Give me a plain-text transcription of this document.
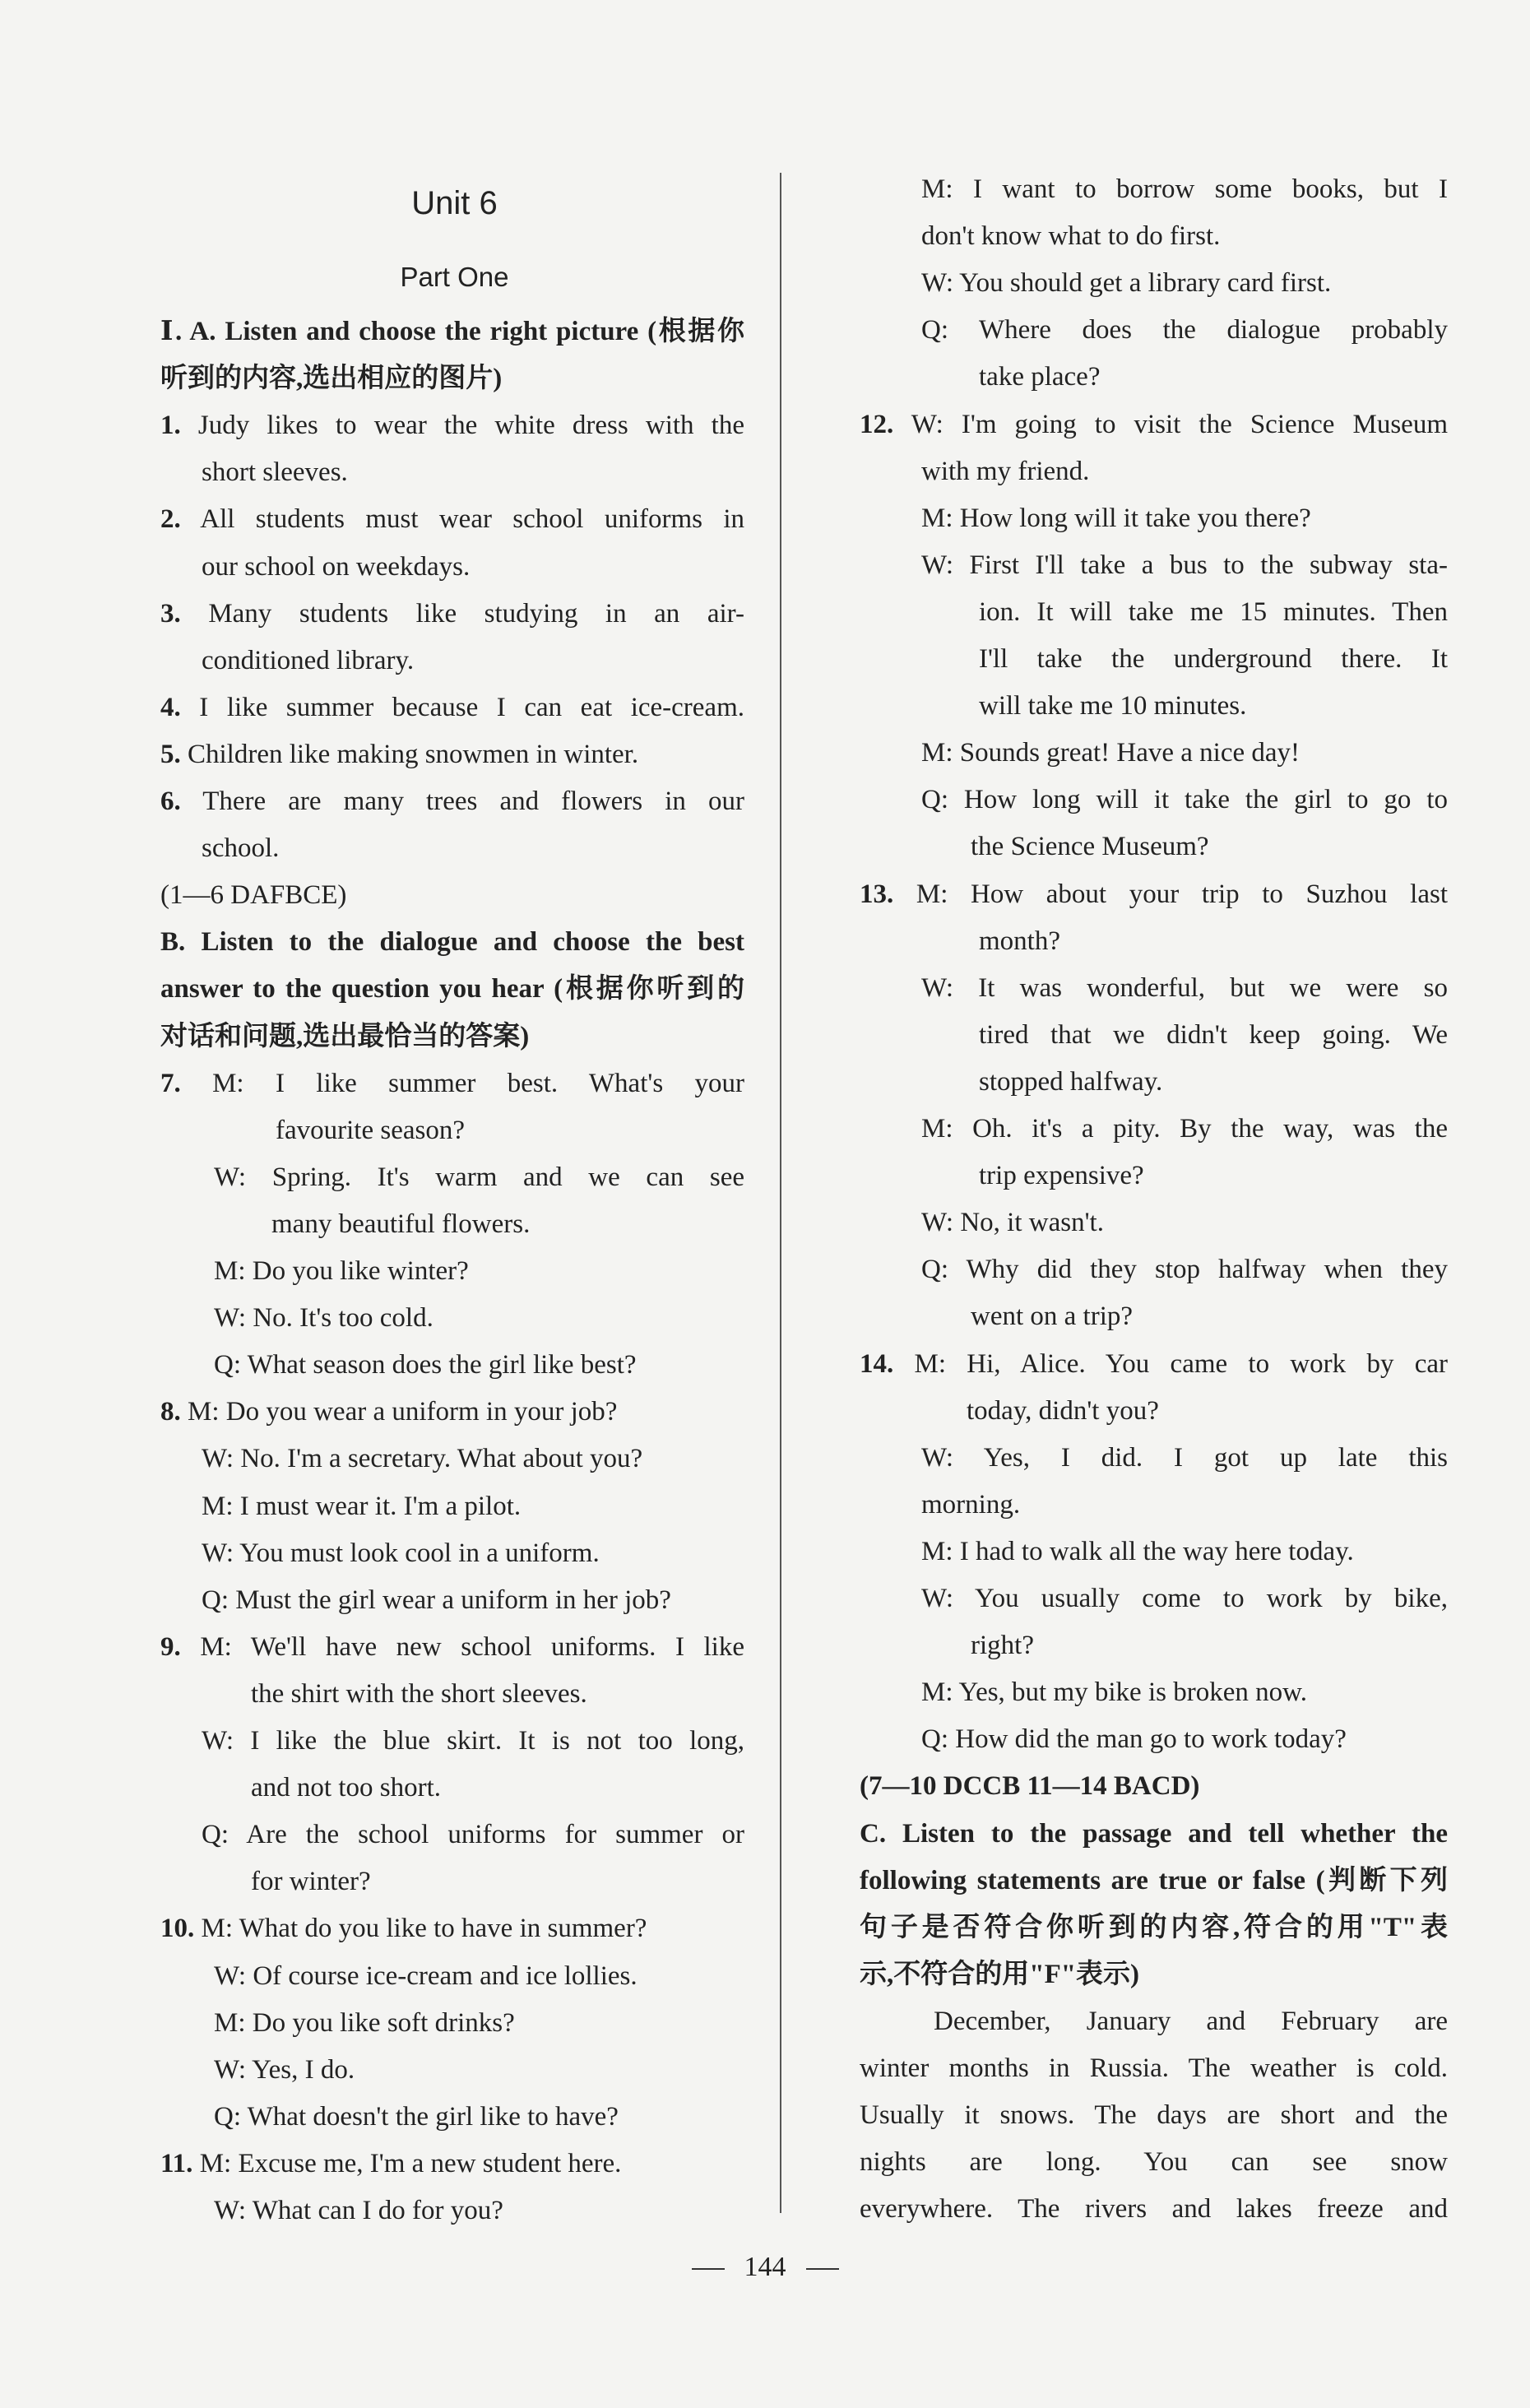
Unit 6
Part One
Ⅰ. A. Listen and choose the right picture (根据你
听到的内容,选出相应的图片)
1. Judy likes to wear the white dress with the
short sleeves.
2. All students must wear school uniforms in
our school on weekdays.
3. Many students like studying in an air-
conditioned library.
4. I like summer because I can eat ice-cream.
5. Children like making snowmen in winter.
6. There are many trees and flowers in our
school.
(1—6 DAFBCE)
B. Listen to the dialogue and choose the best
answer to the question you hear (根据你听到的
对话和问题,选出最恰当的答案)
7. M: I like summer best. What's your
favourite season?
W: Spring. It's warm and we can see
many beautiful flowers.
M: Do you like winter?
W: No. It's too cold.
Q: What season does the girl like best?
8. M: Do you wear a uniform in your job?
W: No. I'm a secretary. What about you?
M: I must wear it. I'm a pilot.
W: You must look cool in a uniform.
Q: Must the girl wear a uniform in her job?
9. M: We'll have new school uniforms. I like
the shirt with the short sleeves.
W: I like the blue skirt. It is not too long,
and not too short.
Q: Are the school uniforms for summer or
for winter?
10. M: What do you like to have in summer?
W: Of course ice-cream and ice lollies.
M: Do you like soft drinks?
W: Yes, I do.
Q: What doesn't the girl like to have?
11. M: Excuse me, I'm a new student here.
W: What can I do for you?
M: I want to borrow some books, but I
don't know what to do first.
W: You should get a library card first.
Q: Where does the dialogue probably
take place?
12. W: I'm going to visit the Science Museum
with my friend.
M: How long will it take you there?
W: First I'll take a bus to the subway sta-
ion. It will take me 15 minutes. Then
I'll take the underground there. It
will take me 10 minutes.
M: Sounds great! Have a nice day!
Q: How long will it take the girl to go to
the Science Museum?
13. M: How about your trip to Suzhou last
month?
W: It was wonderful, but we were so
tired that we didn't keep going. We
stopped halfway.
M: Oh. it's a pity. By the way, was the
trip expensive?
W: No, it wasn't.
Q: Why did they stop halfway when they
went on a trip?
14. M: Hi, Alice. You came to work by car
today, didn't you?
W: Yes, I did. I got up late this
morning.
M: I had to walk all the way here today.
W: You usually come to work by bike,
right?
M: Yes, but my bike is broken now.
Q: How did the man go to work today?
(7—10 DCCB 11—14 BACD)
C. Listen to the passage and tell whether the
following statements are true or false (判断下列
句子是否符合你听到的内容,符合的用"T"表
示,不符合的用"F"表示)
December, January and February are
winter months in Russia. The weather is cold.
Usually it snows. The days are short and the
nights are long. You can see snow
everywhere. The rivers and lakes freeze and
144
